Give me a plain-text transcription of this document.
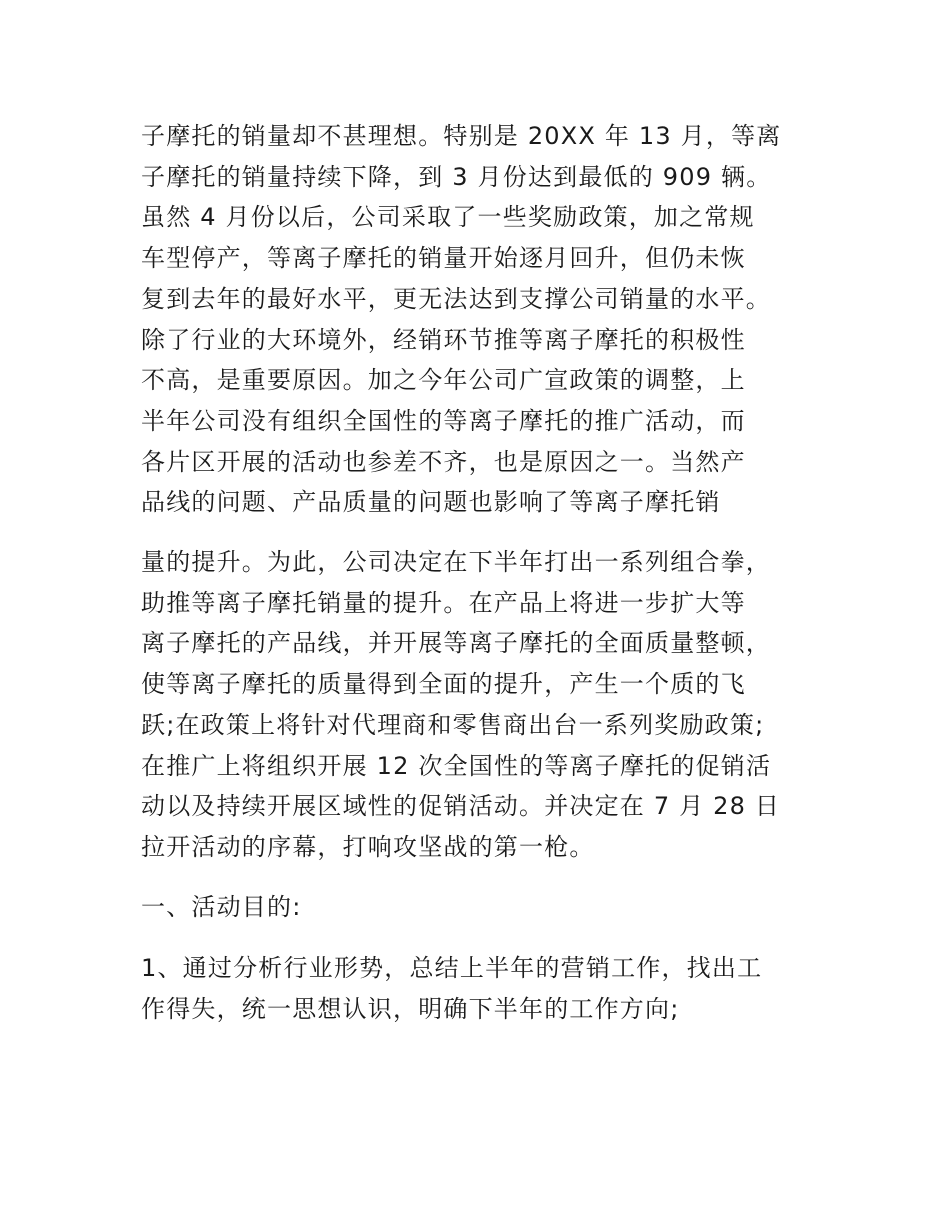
子摩托的销量却不甚理想。特别是 20XX 年 13 月，等离
子摩托的销量持续下降，到 3 月份达到最低的 909 辆。
虽然 4 月份以后，公司采取了一些奖励政策，加之常规
车型停产，等离子摩托的销量开始逐月回升，但仍未恢
复到去年的最好水平，更无法达到支撑公司销量的水平。
除了行业的大环境外，经销环节推等离子摩托的积极性
不高，是重要原因。加之今年公司广宣政策的调整，上
半年公司没有组织全国性的等离子摩托的推广活动，而
各片区开展的活动也参差不齐，也是原因之一。当然产
品线的问题、产品质量的问题也影响了等离子摩托销

量的提升。为此，公司决定在下半年打出一系列组合拳，
助推等离子摩托销量的提升。在产品上将进一步扩大等
离子摩托的产品线，并开展等离子摩托的全面质量整顿，
使等离子摩托的质量得到全面的提升，产生一个质的飞
跃;在政策上将针对代理商和零售商出台一系列奖励政策;
在推广上将组织开展 12 次全国性的等离子摩托的促销活
动以及持续开展区域性的促销活动。并决定在 7 月 28 日
拉开活动的序幕，打响攻坚战的第一枪。

一、活动目的:

1、通过分析行业形势，总结上半年的营销工作，找出工
作得失，统一思想认识，明确下半年的工作方向;
